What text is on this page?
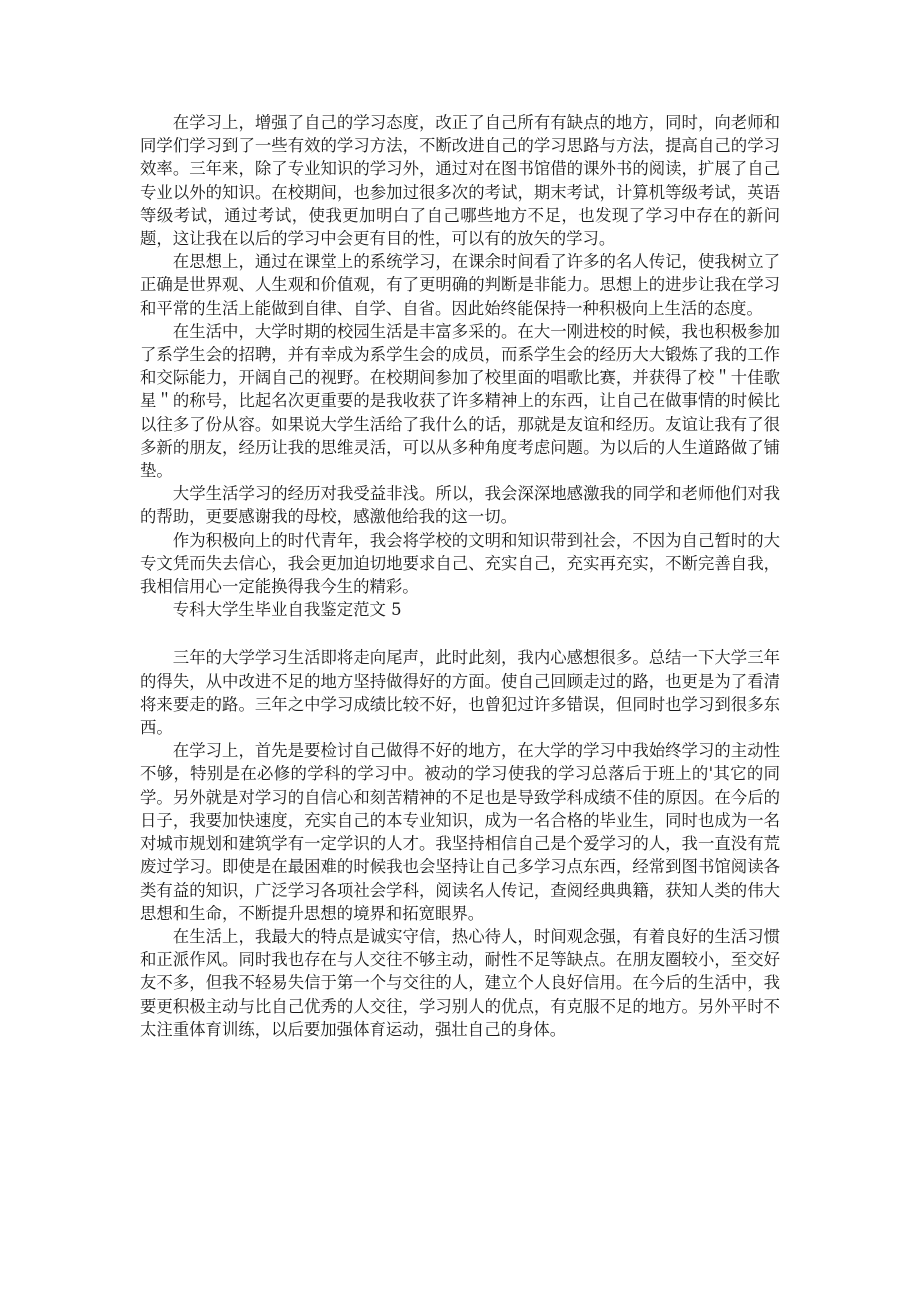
在学习上，增强了自己的学习态度，改正了自己所有有缺点的地方，同时，向老师和同学们学习到了一些有效的学习方法，不断改进自己的学习思路与方法，提高自己的学习效率。三年来，除了专业知识的学习外，通过对在图书馆借的课外书的阅读，扩展了自己专业以外的知识。在校期间，也参加过很多次的考试，期末考试，计算机等级考试，英语等级考试，通过考试，使我更加明白了自己哪些地方不足，也发现了学习中存在的新问题，这让我在以后的学习中会更有目的性，可以有的放矢的学习。

在思想上，通过在课堂上的系统学习，在课余时间看了许多的名人传记，使我树立了正确是世界观、人生观和价值观，有了更明确的判断是非能力。思想上的进步让我在学习和平常的生活上能做到自律、自学、自省。因此始终能保持一种积极向上生活的态度。

在生活中，大学时期的校园生活是丰富多采的。在大一刚进校的时候，我也积极参加了系学生会的招聘，并有幸成为系学生会的成员，而系学生会的经历大大锻炼了我的工作和交际能力，开阔自己的视野。在校期间参加了校里面的唱歌比赛，并获得了校＂十佳歌星＂的称号，比起名次更重要的是我收获了许多精神上的东西，让自己在做事情的时候比以往多了份从容。如果说大学生活给了我什么的话，那就是友谊和经历。友谊让我有了很多新的朋友，经历让我的思维灵活，可以从多种角度考虑问题。为以后的人生道路做了铺垫。

大学生活学习的经历对我受益非浅。所以，我会深深地感激我的同学和老师他们对我的帮助，更要感谢我的母校，感激他给我的这一切。

作为积极向上的时代青年，我会将学校的文明和知识带到社会，不因为自己暂时的大专文凭而失去信心，我会更加迫切地要求自己、充实自己，充实再充实，不断完善自我，我相信用心一定能换得我今生的精彩。

专科大学生毕业自我鉴定范文 5

三年的大学学习生活即将走向尾声，此时此刻，我内心感想很多。总结一下大学三年的得失，从中改进不足的地方坚持做得好的方面。使自己回顾走过的路，也更是为了看清将来要走的路。三年之中学习成绩比较不好，也曾犯过许多错误，但同时也学习到很多东西。

在学习上，首先是要检讨自己做得不好的地方，在大学的学习中我始终学习的主动性不够，特别是在必修的学科的学习中。被动的学习使我的学习总落后于班上的'其它的同学。另外就是对学习的自信心和刻苦精神的不足也是导致学科成绩不佳的原因。在今后的日子，我要加快速度，充实自己的本专业知识，成为一名合格的毕业生，同时也成为一名对城市规划和建筑学有一定学识的人才。我坚持相信自己是个爱学习的人，我一直没有荒废过学习。即使是在最困难的时候我也会坚持让自己多学习点东西，经常到图书馆阅读各类有益的知识，广泛学习各项社会学科，阅读名人传记，查阅经典典籍，获知人类的伟大思想和生命，不断提升思想的境界和拓宽眼界。

在生活上，我最大的特点是诚实守信，热心待人，时间观念强，有着良好的生活习惯和正派作风。同时我也存在与人交往不够主动，耐性不足等缺点。在朋友圈较小，至交好友不多，但我不轻易失信于第一个与交往的人，建立个人良好信用。在今后的生活中，我要更积极主动与比自己优秀的人交往，学习别人的优点，有克服不足的地方。另外平时不太注重体育训练，以后要加强体育运动，强壮自己的身体。
